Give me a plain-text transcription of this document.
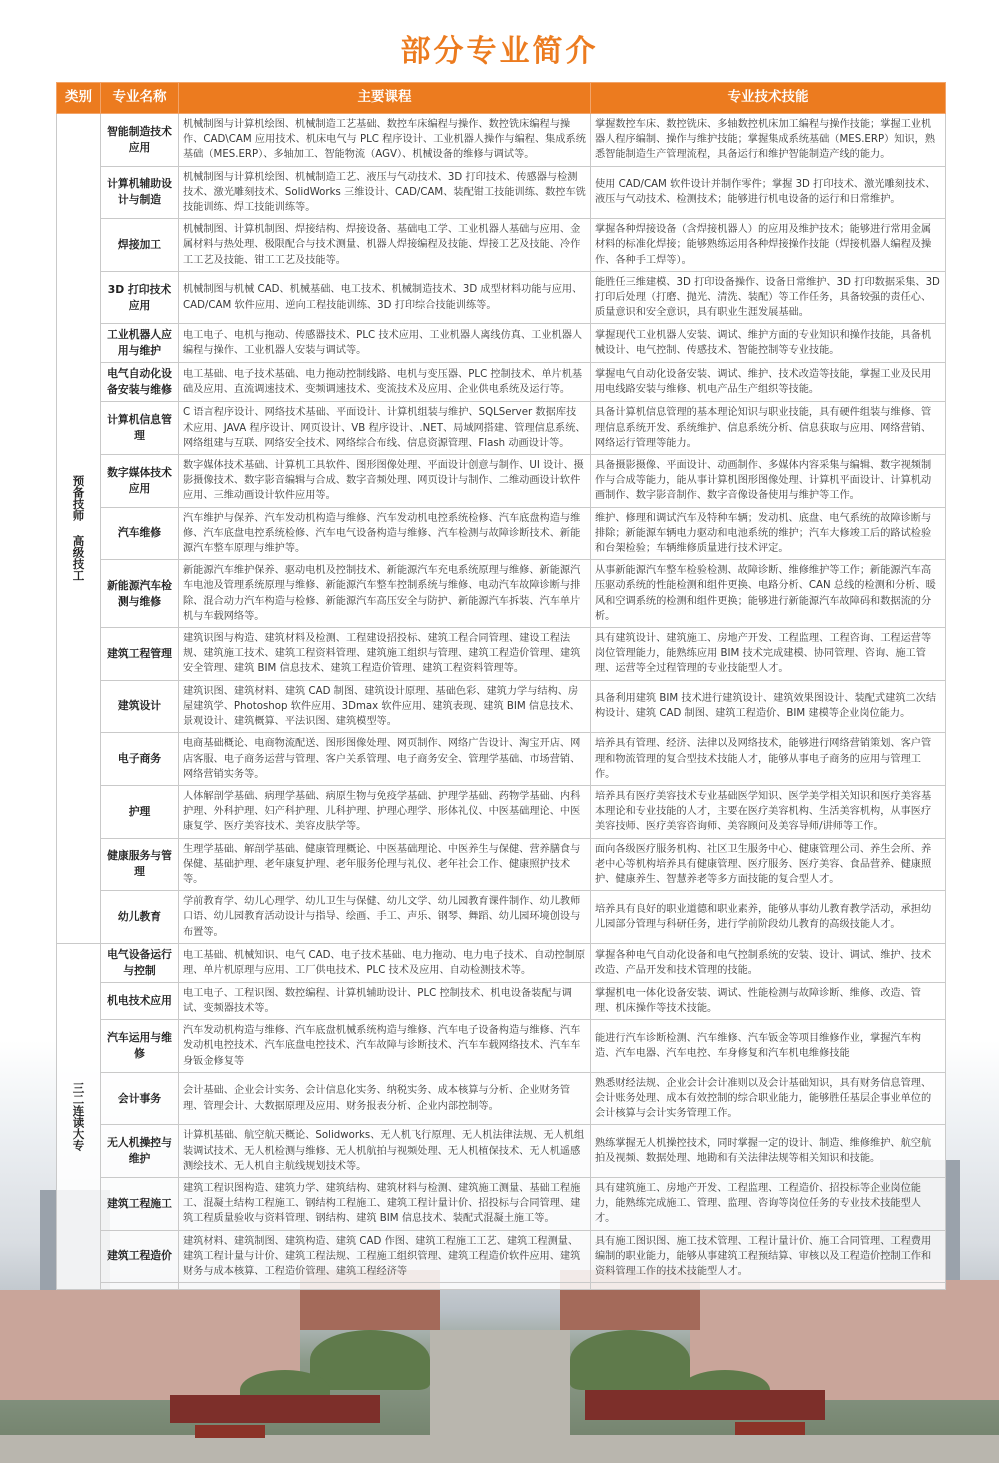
部分专业简介
类别	专业名称	主要课程	专业技术技能
预备技师 高级技工	智能制造技术应用	机械制图与计算机绘图、机械制造工艺基础、数控车床编程与操作、数控铣床编程与操作、CAD\CAM 应用技术、机床电气与 PLC 程序设计、工业机器人操作与编程、集成系统基础（MES.ERP）、多轴加工、智能物流（AGV）、机械设备的维修与调试等。	掌握数控车床、数控铣床、多轴数控机床加工编程与操作技能；掌握工业机器人程序编制、操作与维护技能；掌握集成系统基础（MES.ERP）知识，熟悉智能制造生产管理流程，具备运行和维护智能制造产线的能力。
	计算机辅助设计与制造	机械制图与计算机绘图、机械制造工艺、液压与气动技术、3D 打印技术、传感器与检测技术、激光雕刻技术、SolidWorks 三维设计、CAD/CAM、装配钳工技能训练、数控车铣技能训练、焊工技能训练等。	使用 CAD/CAM 软件设计并制作零件；掌握 3D 打印技术、激光雕刻技术、液压与气动技术、检测技术；能够进行机电设备的运行和日常维护。
	焊接加工	机械制图、计算机制图、焊接结构、焊接设备、基础电工学、工业机器人基础与应用、金属材料与热处理、极限配合与技术测量、机器人焊接编程及技能、焊接工艺及技能、冷作工工艺及技能、钳工工艺及技能等。	掌握各种焊接设备（含焊接机器人）的应用及维护技术；能够进行常用金属材料的标准化焊接；能够熟练运用各种焊接操作技能（焊接机器人编程及操作、各种手工焊等）。
	3D 打印技术应用	机械制图与机械 CAD、机械基础、电工技术、机械制造技术、3D 成型材料功能与应用、CAD/CAM 软件应用、逆向工程技能训练、3D 打印综合技能训练等。	能胜任三维建模、3D 打印设备操作、设备日常维护、3D 打印数据采集、3D 打印后处理（打磨、抛光、清洗、装配）等工作任务，具备较强的责任心、质量意识和安全意识，具有职业生涯发展基础。
	工业机器人应用与维护	电工电子、电机与拖动、传感器技术、PLC 技术应用、工业机器人离线仿真、工业机器人编程与操作、工业机器人安装与调试等。	掌握现代工业机器人安装、调试、维护方面的专业知识和操作技能，具备机械设计、电气控制、传感技术、智能控制等专业技能。
	电气自动化设备安装与维修	电工基础、电子技术基础、电力拖动控制线路、电机与变压器、PLC 控制技术、单片机基础及应用、直流调速技术、变频调速技术、变流技术及应用、企业供电系统及运行等。	掌握电气自动化设备安装、调试、维护、技术改造等技能，掌握工业及民用用电线路安装与维修、机电产品生产组织等技能。
	计算机信息管理	C 语言程序设计、网络技术基础、平面设计、计算机组装与维护、SQLServer 数据库技术应用、JAVA 程序设计、网页设计、VB 程序设计、.NET、局域网搭建、管理信息系统、网络组建与互联、网络安全技术、网络综合布线、信息资源管理、Flash 动画设计等。	具备计算机信息管理的基本理论知识与职业技能，具有硬件组装与维修、管理信息系统开发、系统维护、信息系统分析、信息获取与应用、网络营销、网络运行管理等能力。
	数字媒体技术应用	数字媒体技术基础、计算机工具软件、图形图像处理、平面设计创意与制作、UI 设计、摄影摄像技术、数字影音编辑与合成、数字音频处理、网页设计与制作、二维动画设计软件应用、三维动画设计软件应用等。	具备摄影摄像、平面设计、动画制作、多媒体内容采集与编辑、数字视频制作与合成等能力，能从事计算机图形图像处理、计算机平面设计、计算机动画制作、数字影音制作、数字音像设备使用与维护等工作。
	汽车维修	汽车维护与保养、汽车发动机构造与维修、汽车发动机电控系统检修、汽车底盘构造与维修、汽车底盘电控系统检修、汽车电气设备构造与维修、汽车检测与故障诊断技术、新能源汽车整车原理与维护等。	维护、修理和调试汽车及特种车辆；发动机、底盘、电气系统的故障诊断与排除；新能源车辆电力驱动和电池系统的维护；汽车大修竣工后的路试检验和台架检验；车辆维修质量进行技术评定。
	新能源汽车检测与维修	新能源汽车维护保养、驱动电机及控制技术、新能源汽车充电系统原理与维修、新能源汽车电池及管理系统原理与维修、新能源汽车整车控制系统与维修、电动汽车故障诊断与排除、混合动力汽车构造与检修、新能源汽车高压安全与防护、新能源汽车拆装、汽车单片机与车载网络等。	从事新能源汽车整车检验检测、故障诊断、维修维护等工作；新能源汽车高压驱动系统的性能检测和组件更换、电路分析、CAN 总线的检测和分析、暖风和空调系统的检测和组件更换；能够进行新能源汽车故障码和数据流的分析。
	建筑工程管理	建筑识图与构造、建筑材料及检测、工程建设招投标、建筑工程合同管理、建设工程法规、建筑施工技术、建筑工程资料管理、建筑施工组织与管理、建筑工程造价管理、建筑安全管理、建筑 BIM 信息技术、建筑工程造价管理、建筑工程资料管理等。	具有建筑设计、建筑施工、房地产开发、工程监理、工程咨询、工程运营等岗位管理能力，能熟练应用 BIM 技术完成建模、协同管理、咨询、施工管理、运营等全过程管理的专业技能型人才。
	建筑设计	建筑识图、建筑材料、建筑 CAD 制图、建筑设计原理、基础色彩、建筑力学与结构、房屋建筑学、Photoshop 软件应用、3Dmax 软件应用、建筑表现、建筑 BIM 信息技术、景观设计、建筑概算、平法识图、建筑模型等。	具备利用建筑 BIM 技术进行建筑设计、建筑效果图设计、装配式建筑二次结构设计、建筑 CAD 制图、建筑工程造价、BIM 建模等企业岗位能力。
	电子商务	电商基础概论、电商物流配送、图形图像处理、网页制作、网络广告设计、淘宝开店、网店客服、电子商务运营与管理、客户关系管理、电子商务安全、管理学基础、市场营销、网络营销实务等。	培养具有管理、经济、法律以及网络技术，能够进行网络营销策划、客户管理和物流管理的复合型技术技能人才，能够从事电子商务的应用与管理工作。
	护理	人体解剖学基础、病理学基础、病原生物与免疫学基础、护理学基础、药物学基础、内科护理、外科护理、妇产科护理、儿科护理、护理心理学、形体礼仪、中医基础理论、中医康复学、医疗美容技术、美容皮肤学等。	培养具有医疗美容技术专业基础医学知识、医学美学相关知识和医疗美容基本理论和专业技能的人才，主要在医疗美容机构、生活美容机构，从事医疗美容技师、医疗美容咨询师、美容顾问及美容导师/讲师等工作。
	健康服务与管理	生理学基础、解剖学基础、健康管理概论、中医基础理论、中医养生与保健、营养膳食与保健、基础护理、老年康复护理、老年服务伦理与礼仪、老年社会工作、健康照护技术等。	面向各级医疗服务机构、社区卫生服务中心、健康管理公司、养生会所、养老中心等机构培养具有健康管理、医疗服务、医疗美容、食品营养、健康照护、健康养生、智慧养老等多方面技能的复合型人才。
	幼儿教育	学前教育学、幼儿心理学、幼儿卫生与保健、幼儿文学、幼儿园教育课件制作、幼儿教师口语、幼儿园教育活动设计与指导、绘画、手工、声乐、钢琴、舞蹈、幼儿园环境创设与布置等。	培养具有良好的职业道德和职业素养，能够从事幼儿教育教学活动，承担幼儿园部分管理与科研任务，进行学前阶段幼儿教育的高级技能人才。
三二连读大专	电气设备运行与控制	电工基础、机械知识、电气 CAD、电子技术基础、电力拖动、电力电子技术、自动控制原理、单片机原理与应用、工厂供电技术、PLC 技术及应用、自动检测技术等。	掌握各种电气自动化设备和电气控制系统的安装、设计、调试、维护、技术改造、产品开发和技术管理的技能。
	机电技术应用	电工电子、工程识图、数控编程、计算机辅助设计、PLC 控制技术、机电设备装配与调试、变频器技术等。	掌握机电一体化设备安装、调试、性能检测与故障诊断、维修、改造、管理、机床操作等技术技能。
	汽车运用与维修	汽车发动机构造与维修、汽车底盘机械系统构造与维修、汽车电子设备构造与维修、汽车发动机电控技术、汽车底盘电控技术、汽车故障与诊断技术、汽车车载网络技术、汽车车身钣金修复等	能进行汽车诊断检测、汽车维修、汽车钣金等项目维修作业，掌握汽车构造、汽车电器、汽车电控、车身修复和汽车机电维修技能
	会计事务	会计基础、企业会计实务、会计信息化实务、纳税实务、成本核算与分析、企业财务管理、管理会计、大数据原理及应用、财务报表分析、企业内部控制等。	熟悉财经法规、企业会计会计准则以及会计基础知识，具有财务信息管理、会计账务处理、成本有效控制的综合职业能力，能够胜任基层企事业单位的会计核算与会计实务管理工作。
	无人机操控与维护	计算机基础、航空航天概论、Solidworks、无人机飞行原理、无人机法律法规、无人机组装调试技术、无人机检测与维修、无人机航拍与视频处理、无人机植保技术、无人机遥感测绘技术、无人机自主航线规划技术等。	熟练掌握无人机操控技术，同时掌握一定的设计、制造、维修维护、航空航拍及视频、数据处理、地勘和有关法律法规等相关知识和技能。
	建筑工程施工	建筑工程识图构造、建筑力学、建筑结构、建筑材料与检测、建筑施工测量、基础工程施工、混凝土结构工程施工、钢结构工程施工、建筑工程计量计价、招投标与合同管理、建筑工程质量验收与资料管理、钢结构、建筑 BIM 信息技术、装配式混凝土施工等。	具有建筑施工、房地产开发、工程监理、工程造价、招投标等企业岗位能力，能熟练完成施工、管理、监理、咨询等岗位任务的专业技术技能型人才。
	建筑工程造价	建筑材料、建筑制图、建筑构造、建筑 CAD 作图、建筑工程施工工艺、建筑工程测量、建筑工程计量与计价、建筑工程法规、工程施工组织管理、建筑工程造价软件应用、建筑财务与成本核算、工程造价管理、建筑工程经济等	具有施工图识图、施工技术管理、工程计量计价、施工合同管理、工程费用编制的职业能力，能够从事建筑工程预结算、审核以及工程造价控制工作和资料管理工作的技术技能型人才。
